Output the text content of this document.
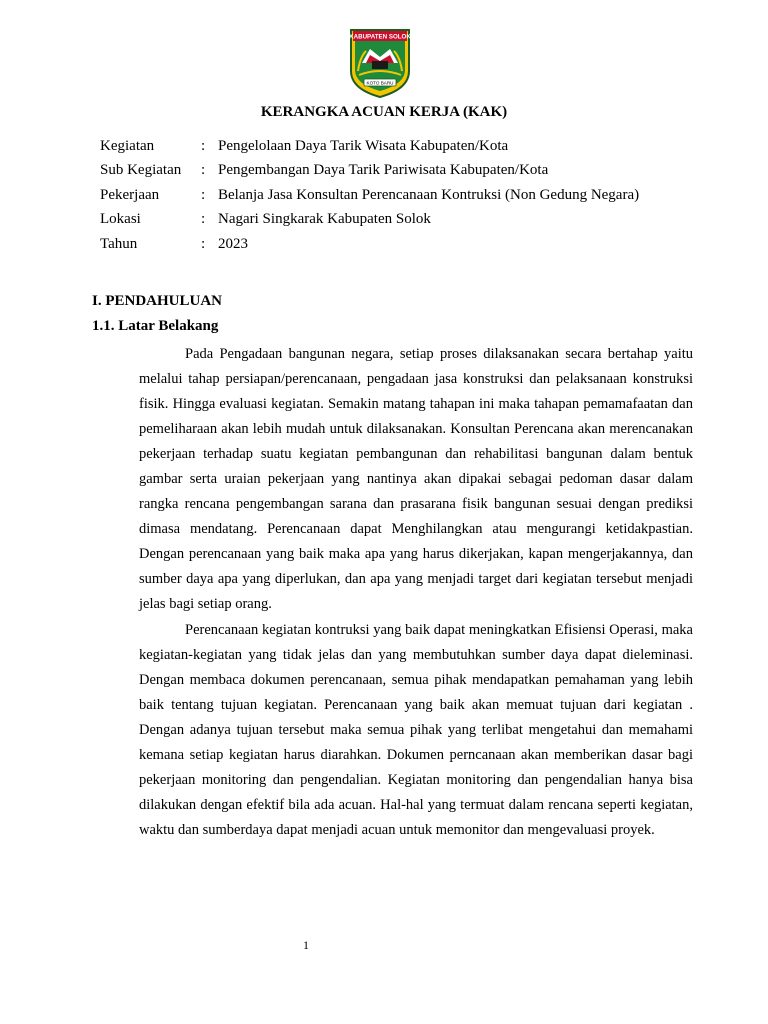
KABUPATEN SOLOK
KOTO BARU
KERANGKA ACUAN KERJA (KAK)
Kegiatan	: Pengelolaan Daya Tarik Wisata Kabupaten/Kota
Sub Kegiatan : Pengembangan Daya Tarik Pariwisata Kabupaten/Kota
Pekerjaan	: Belanja Jasa Konsultan Perencanaan Kontruksi (Non Gedung Negara)
Lokasi	: Nagari Singkarak Kabupaten Solok
Tahun	: 2023
I. PENDAHULUAN
1.1. Latar Belakang

Pada Pengadaan bangunan negara, setiap proses dilaksanakan secara bertahap yaitu melalui tahap persiapan/perencanaan, pengadaan jasa konstruksi dan pelaksanaan konstruksi fisik. Hingga evaluasi kegiatan. Semakin matang tahapan ini maka tahapan pemamafaatan dan pemeliharaan akan lebih mudah untuk dilaksanakan. Konsultan Perencana akan merencanakan pekerjaan terhadap suatu kegiatan pembangunan dan rehabilitasi bangunan dalam bentuk gambar serta uraian pekerjaan yang nantinya akan dipakai sebagai pedoman dasar dalam rangka rencana pengembangan sarana dan prasarana fisik bangunan sesuai dengan prediksi dimasa mendatang. Perencanaan dapat Menghilangkan atau mengurangi ketidakpastian. Dengan perencanaan yang baik maka apa yang harus dikerjakan, kapan mengerjakannya, dan sumber daya apa yang diperlukan, dan apa yang menjadi target dari kegiatan tersebut menjadi jelas bagi setiap orang.

Perencanaan kegiatan kontruksi yang baik dapat meningkatkan Efisiensi Operasi, maka kegiatan-kegiatan yang tidak jelas dan yang membutuhkan sumber daya dapat dieleminasi. Dengan membaca dokumen perencanaan, semua pihak mendapatkan pemahaman yang lebih baik tentang tujuan kegiatan. Perencanaan yang baik akan memuat tujuan dari kegiatan . Dengan adanya tujuan tersebut maka semua pihak yang terlibat mengetahui dan memahami kemana setiap kegiatan harus diarahkan. Dokumen perncanaan akan memberikan dasar bagi pekerjaan monitoring dan pengendalian. Kegiatan monitoring dan pengendalian hanya bisa dilakukan dengan efektif bila ada acuan. Hal-hal yang termuat dalam rencana seperti kegiatan, waktu dan sumberdaya dapat menjadi acuan untuk memonitor dan mengevaluasi proyek.

1
